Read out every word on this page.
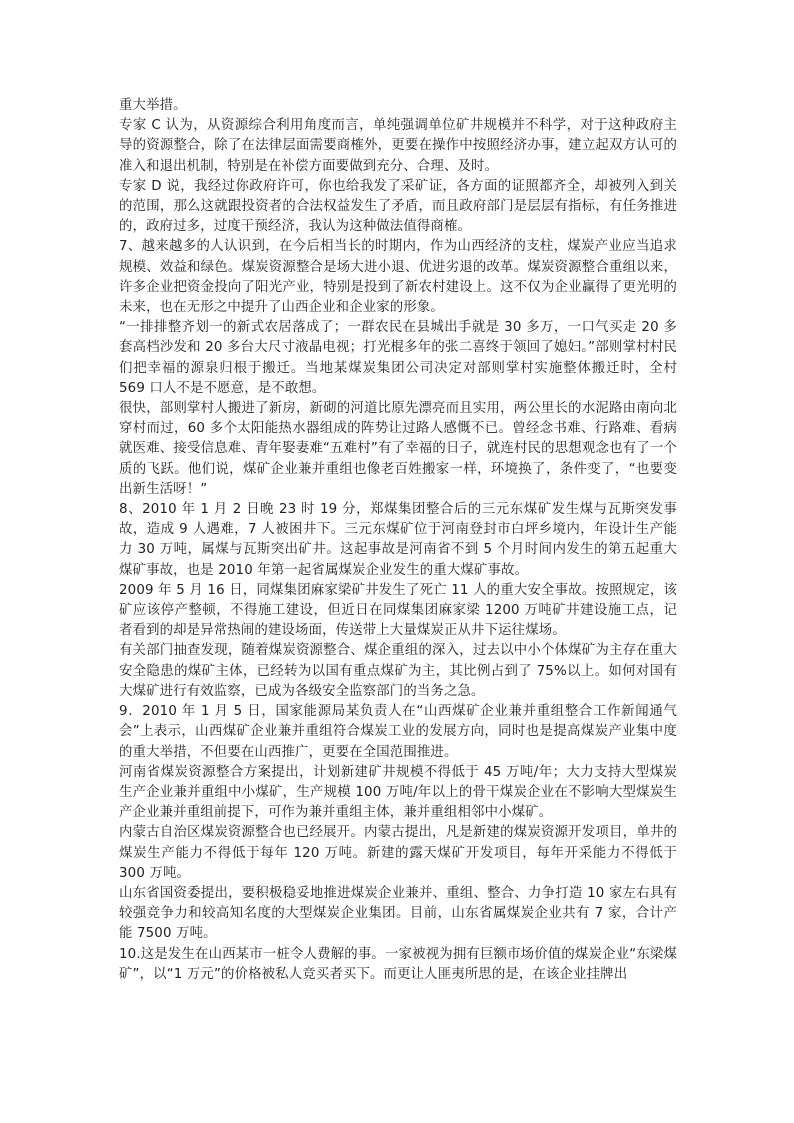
重大举措。

专家 C 认为，从资源综合利用角度而言，单纯强调单位矿井规模并不科学，对于这种政府主导的资源整合，除了在法律层面需要商榷外，更要在操作中按照经济办事，建立起双方认可的准入和退出机制，特别是在补偿方面要做到充分、合理、及时。

专家 D 说，我经过你政府许可，你也给我发了采矿证，各方面的证照都齐全，却被列入到关的范围，那么这就跟投资者的合法权益发生了矛盾，而且政府部门是层层有指标，有任务推进的，政府过多，过度干预经济，我认为这种做法值得商榷。

7、越来越多的人认识到，在今后相当长的时期内，作为山西经济的支柱，煤炭产业应当追求规模、效益和绿色。煤炭资源整合是场大进小退、优进劣退的改革。煤炭资源整合重组以来，许多企业把资金投向了阳光产业，特别是投到了新农村建设上。这不仅为企业赢得了更光明的未来，也在无形之中提升了山西企业和企业家的形象。

“一排排整齐划一的新式农居落成了；一群农民在县城出手就是 30 多万，一口气买走 20 多套高档沙发和 20 多台大尺寸液晶电视；打光棍多年的张二喜终于领回了媳妇。”部则掌村村民们把幸福的源泉归根于搬迁。当地某煤炭集团公司决定对部则掌村实施整体搬迁时，全村 569 口人不是不愿意，是不敢想。

很快，部则掌村人搬进了新房，新砌的河道比原先漂亮而且实用，两公里长的水泥路由南向北穿村而过，60 多个太阳能热水器组成的阵势让过路人感慨不已。曾经念书难、行路难、看病就医难、接受信息难、青年娶妻难“五难村”有了幸福的日子，就连村民的思想观念也有了一个质的飞跃。他们说，煤矿企业兼并重组也像老百姓搬家一样，环境换了，条件变了，“也要变出新生活呀！”

8、2010 年 1 月 2 日晚 23 时 19 分，郑煤集团整合后的三元东煤矿发生煤与瓦斯突发事故，造成 9 人遇难，7 人被困井下。三元东煤矿位于河南登封市白坪乡境内，年设计生产能力 30 万吨，属煤与瓦斯突出矿井。这起事故是河南省不到 5 个月时间内发生的第五起重大煤矿事故，也是 2010 年第一起省属煤炭企业发生的重大煤矿事故。

2009 年 5 月 16 日，同煤集团麻家梁矿井发生了死亡 11 人的重大安全事故。按照规定，该矿应该停产整顿，不得施工建设，但近日在同煤集团麻家梁 1200 万吨矿井建设施工点，记者看到的却是异常热闹的建设场面，传送带上大量煤炭正从井下运往煤场。

有关部门抽查发现，随着煤炭资源整合、煤企重组的深入，过去以中小个体煤矿为主存在重大安全隐患的煤矿主体，已经转为以国有重点煤矿为主，其比例占到了 75%以上。如何对国有大煤矿进行有效监察，已成为各级安全监察部门的当务之急。

9．2010 年 1 月 5 日，国家能源局某负责人在“山西煤矿企业兼并重组整合工作新闻通气会”上表示，山西煤矿企业兼并重组符合煤炭工业的发展方向，同时也是提高煤炭产业集中度的重大举措，不但要在山西推广，更要在全国范围推进。

河南省煤炭资源整合方案提出，计划新建矿井规模不得低于 45 万吨/年；大力支持大型煤炭生产企业兼并重组中小煤矿，生产规模 100 万吨/年以上的骨干煤炭企业在不影响大型煤炭生产企业兼并重组前提下，可作为兼并重组主体，兼并重组相邻中小煤矿。

内蒙古自治区煤炭资源整合也已经展开。内蒙古提出，凡是新建的煤炭资源开发项目，单井的煤炭生产能力不得低于每年 120 万吨。新建的露天煤矿开发项目，每年开采能力不得低于 300 万吨。

山东省国资委提出，要积极稳妥地推进煤炭企业兼并、重组、整合、力争打造 10 家左右具有较强竞争力和较高知名度的大型煤炭企业集团。目前，山东省属煤炭企业共有 7 家，合计产能 7500 万吨。

10.这是发生在山西某市一桩令人费解的事。一家被视为拥有巨额市场价值的煤炭企业“东梁煤矿”，以“1 万元”的价格被私人竞买者买下。而更让人匪夷所思的是，在该企业挂牌出
